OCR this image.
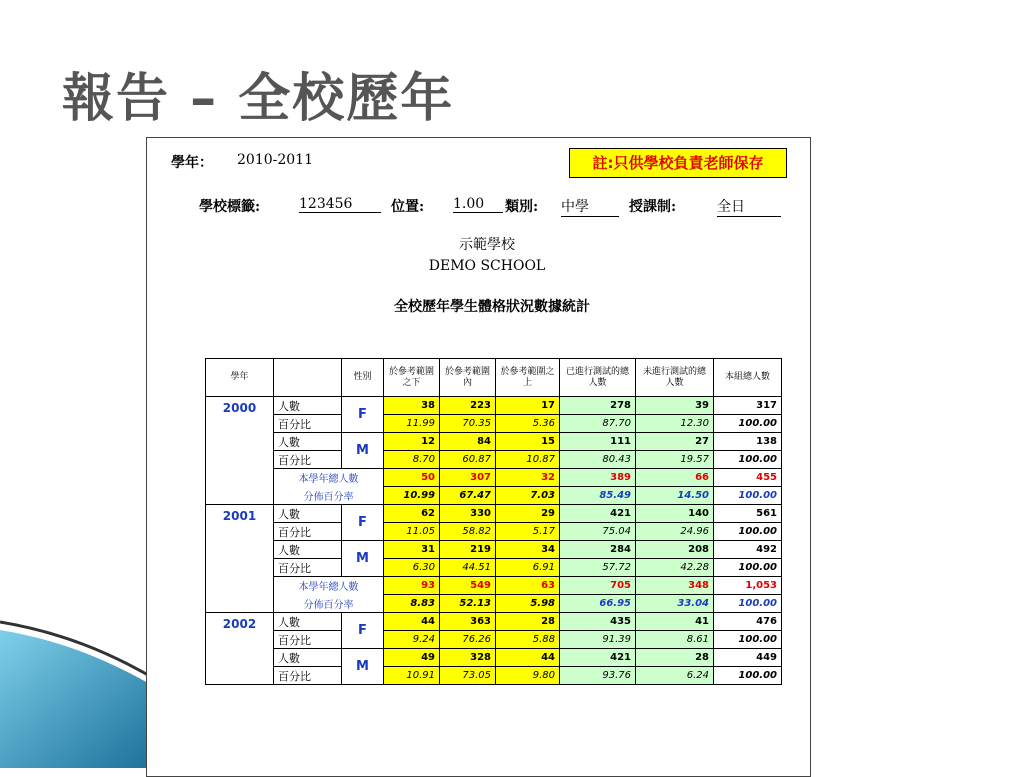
報告 – 全校歷年
學年： 2010-2011	註:只供學校負責老師保存
學校標籤:	123456	位置: 1.00	類別: 中學	授課制:	全日
示範學校
DEMO SCHOOL
全校歷年學生體格狀況數據統計
學年		性別	於參考範圍之下	於參考範圍內	於參考範圍之上	已進行測試的總人數	未進行測試的總人數	本組總人數
2000	人數	F	38	223	17	278	39	317
	百分比		11.99	70.35	5.36	87.70	12.30	100.00
	人數	M	12	84	15	111	27	138
	百分比		8.70	60.87	10.87	80.43	19.57	100.00
	本學年總人數		50	307	32	389	66	455
	分佈百分率		10.99	67.47	7.03	85.49	14.50	100.00
2001	人數	F	62	330	29	421	140	561
	百分比		11.05	58.82	5.17	75.04	24.96	100.00
	人數	M	31	219	34	284	208	492
	百分比		6.30	44.51	6.91	57.72	42.28	100.00
	本學年總人數		93	549	63	705	348	1,053
	分佈百分率		8.83	52.13	5.98	66.95	33.04	100.00
2002	人數	F	44	363	28	435	41	476
	百分比		9.24	76.26	5.88	91.39	8.61	100.00
	人數	M	49	328	44	421	28	449
	百分比		10.91	73.05	9.80	93.76	6.24	100.00
